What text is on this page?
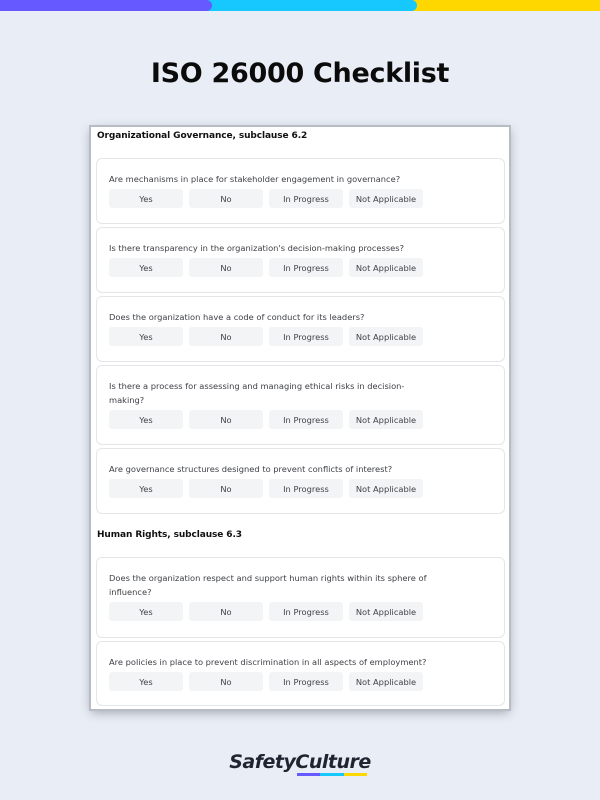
ISO 26000 Checklist
Organizational Governance, subclause 6.2
Are mechanisms in place for stakeholder engagement in governance?
Yes	No	In Progress	Not Applicable
Is there transparency in the organization's decision-making processes?
Yes	No	In Progress	Not Applicable
Does the organization have a code of conduct for its leaders?
Yes	No	In Progress	Not Applicable
Is there a process for assessing and managing ethical risks in decision-making?
Yes	No	In Progress	Not Applicable
Are governance structures designed to prevent conflicts of interest?
Yes	No	In Progress	Not Applicable
Human Rights, subclause 6.3
Does the organization respect and support human rights within its sphere of influence?
Yes	No	In Progress	Not Applicable
Are policies in place to prevent discrimination in all aspects of employment?
Yes	No	In Progress	Not Applicable
SafetyCulture
